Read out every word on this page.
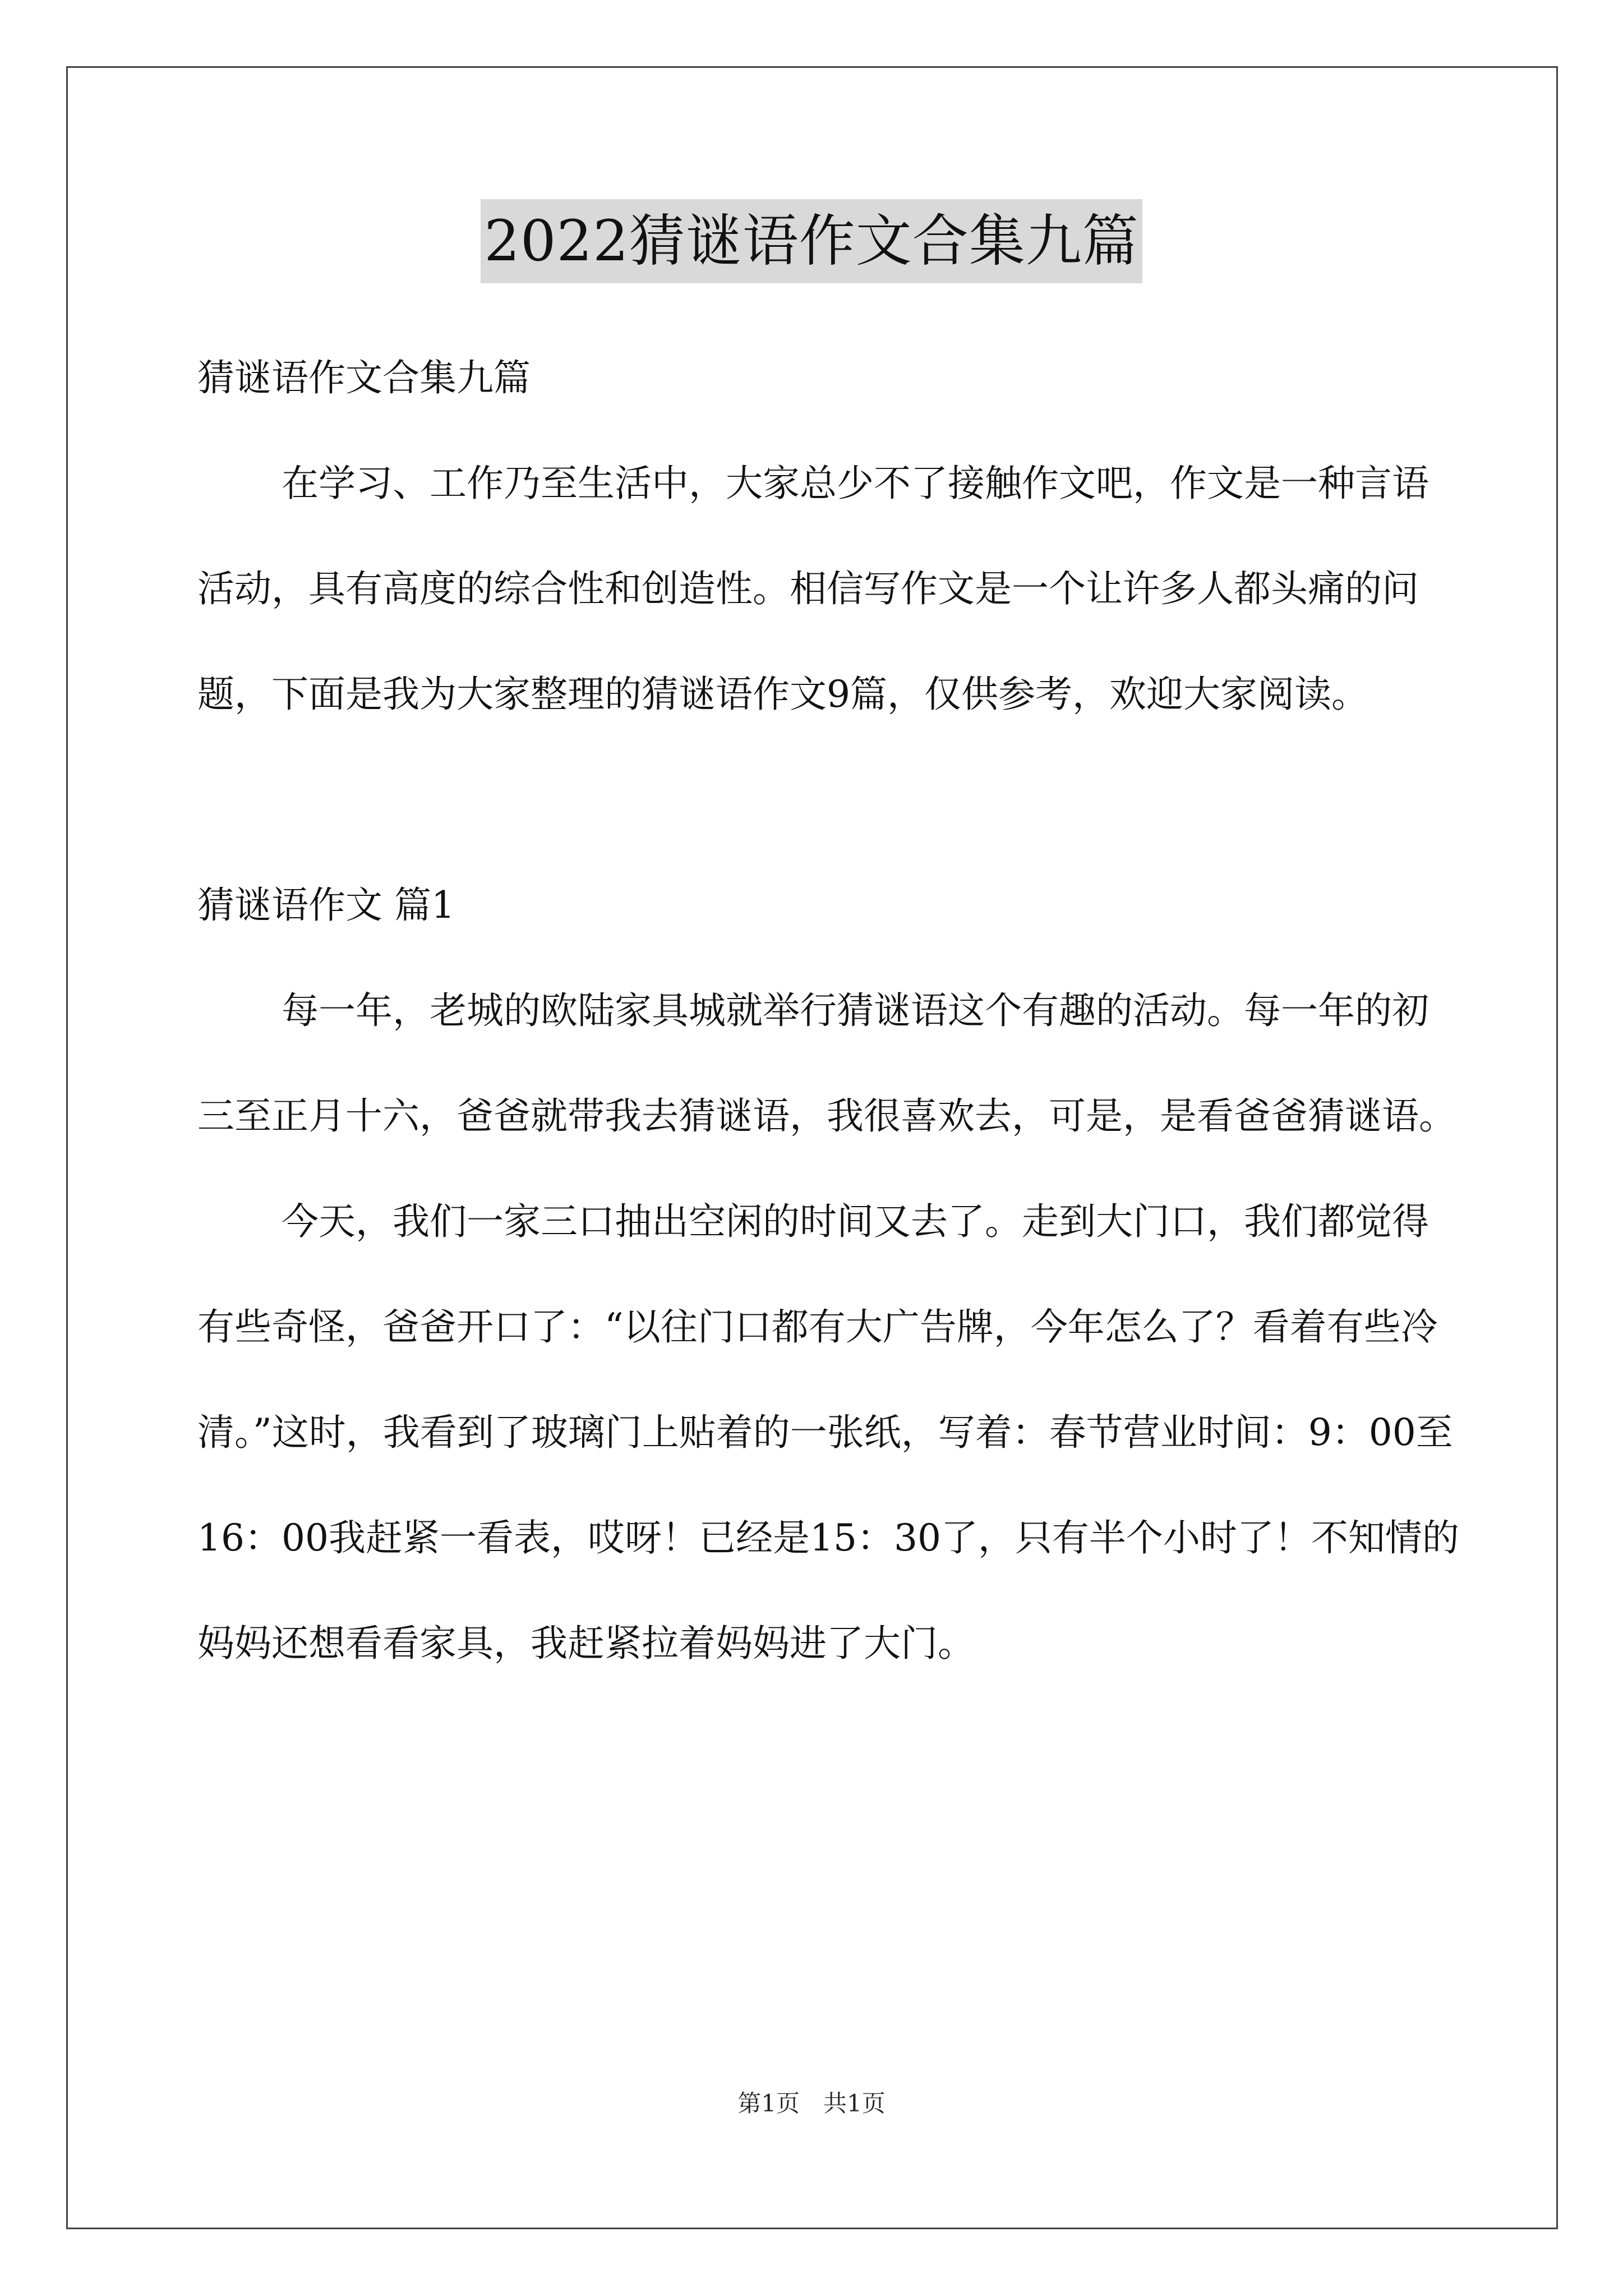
2022猜谜语作文合集九篇

猜谜语作文合集九篇

在学习、工作乃至生活中，大家总少不了接触作文吧，作文是一种言语活动，具有高度的综合性和创造性。相信写作文是一个让许多人都头痛的问题，下面是我为大家整理的猜谜语作文9篇，仅供参考，欢迎大家阅读。

猜谜语作文 篇1

每一年，老城的欧陆家具城就举行猜谜语这个有趣的活动。每一年的初三至正月十六，爸爸就带我去猜谜语，我很喜欢去，可是，是看爸爸猜谜语。

今天，我们一家三口抽出空闲的时间又去了。走到大门口，我们都觉得有些奇怪，爸爸开口了：“以往门口都有大广告牌，今年怎么了？看着有些冷清。”这时，我看到了玻璃门上贴着的一张纸，写着：春节营业时间：9：00至16：00我赶紧一看表，哎呀！已经是15：30了，只有半个小时了！不知情的妈妈还想看看家具，我赶紧拉着妈妈进了大门。

第1页 共1页
